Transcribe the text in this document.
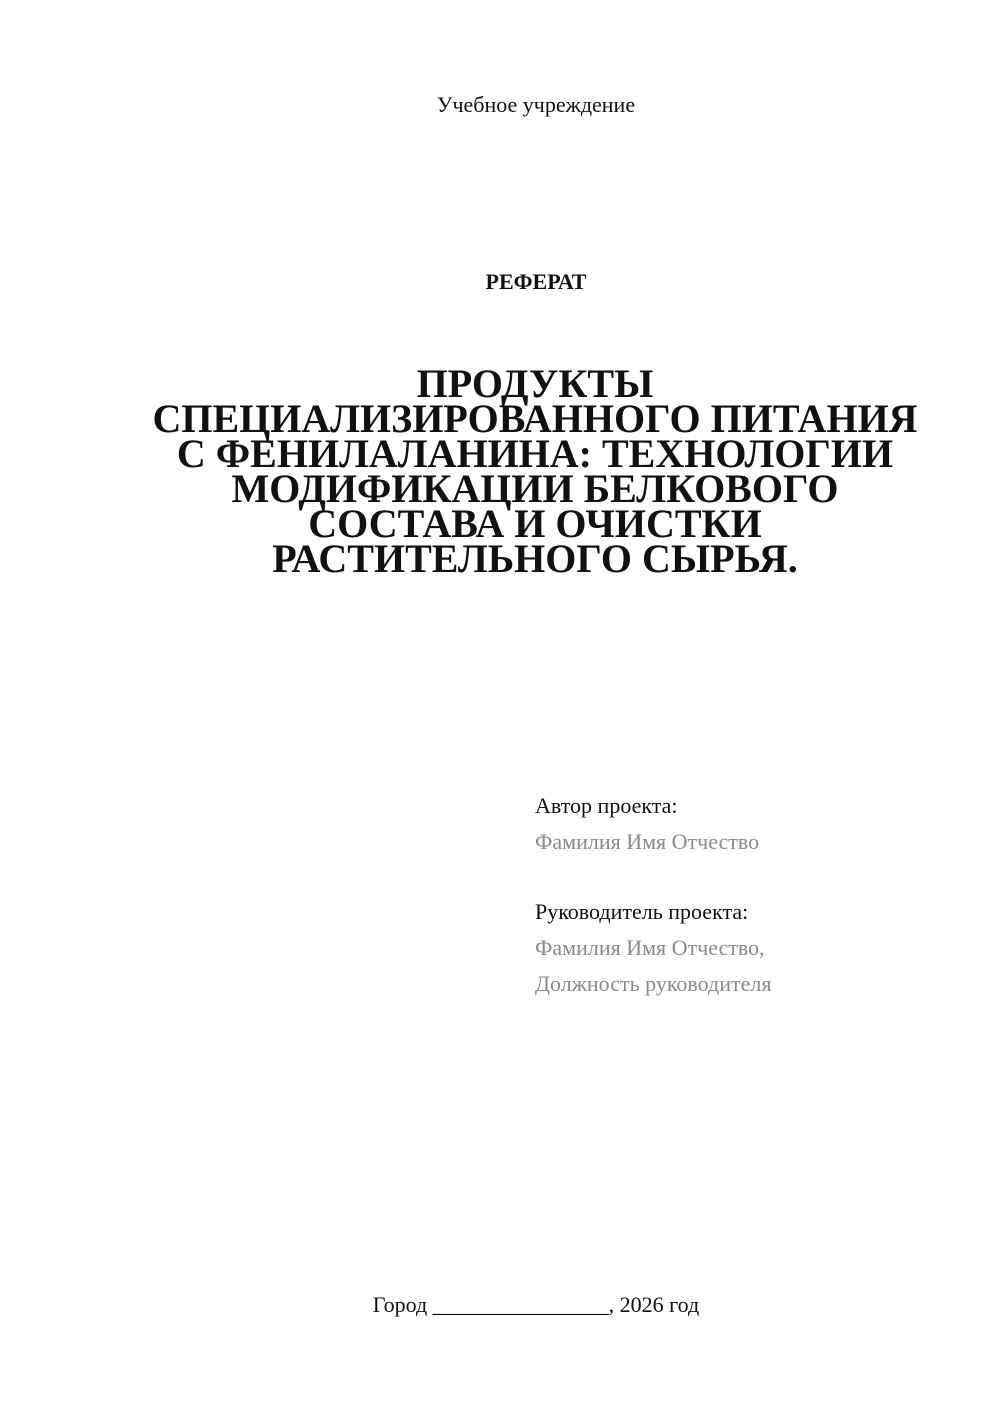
Учебное учреждение
РЕФЕРАТ
ПРОДУКТЫ
СПЕЦИАЛИЗИРОВАННОГО ПИТАНИЯ
С ФЕНИЛАЛАНИНА: ТЕХНОЛОГИИ
МОДИФИКАЦИИ БЕЛКОВОГО
СОСТАВА И ОЧИСТКИ
РАСТИТЕЛЬНОГО СЫРЬЯ.
Автор проекта:
Фамилия Имя Отчество
Руководитель проекта:
Фамилия Имя Отчество,
Должность руководителя
Город ________________, 2026 год
